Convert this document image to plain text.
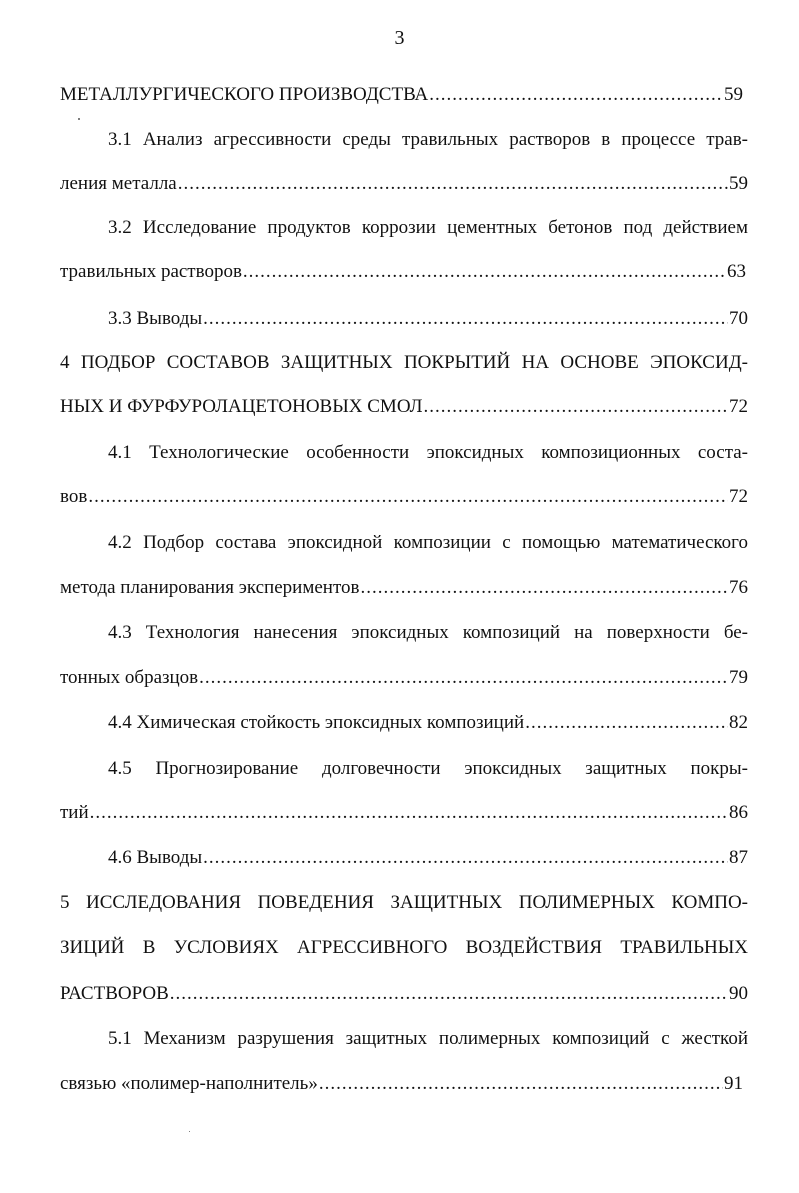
3
МЕТАЛЛУРГИЧЕСКОГО ПРОИЗВОДСТВА .....	59
3.1 Анализ агрессивности среды травильных растворов в процессе трав-
ления металла .....	59
3.2 Исследование продуктов коррозии цементных бетонов под действием
травильных растворов .....	63
3.3 Выводы .....	70
4 ПОДБОР СОСТАВОВ ЗАЩИТНЫХ ПОКРЫТИЙ НА ОСНОВЕ ЭПОКСИД-
НЫХ И ФУРФУРОЛАЦЕТОНОВЫХ СМОЛ .....	72
4.1 Технологические особенности эпоксидных композиционных соста-
вов .....	72
4.2 Подбор состава эпоксидной композиции с помощью математического
метода планирования экспериментов .....	76
4.3 Технология нанесения эпоксидных композиций на поверхности бе-
тонных образцов .....	79
4.4 Химическая стойкость эпоксидных композиций .....	82
4.5 Прогнозирование долговечности эпоксидных защитных покры-
тий .....	86
4.6 Выводы .....	87
5 ИССЛЕДОВАНИЯ ПОВЕДЕНИЯ ЗАЩИТНЫХ ПОЛИМЕРНЫХ КОМПО-
ЗИЦИЙ В УСЛОВИЯХ АГРЕССИВНОГО ВОЗДЕЙСТВИЯ ТРАВИЛЬНЫХ
РАСТВОРОВ .....	90
5.1 Механизм разрушения защитных полимерных композиций с жесткой
связью «полимер-наполнитель» .....	91
